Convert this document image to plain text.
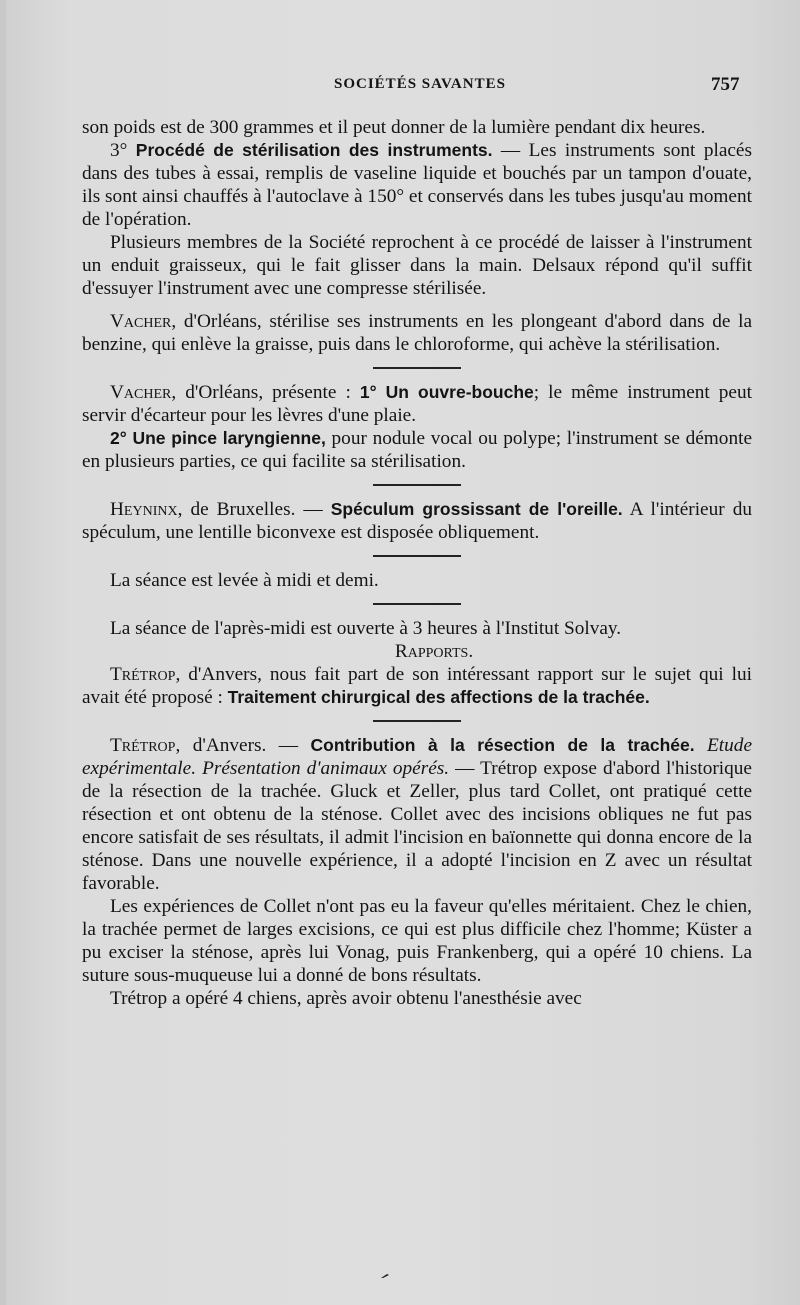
SOCIÉTÉS SAVANTES	757

son poids est de 300 grammes et il peut donner de la lumière pendant dix heures.

3° Procédé de stérilisation des instruments. — Les instruments sont placés dans des tubes à essai, remplis de vaseline liquide et bouchés par un tampon d'ouate, ils sont ainsi chauffés à l'autoclave à 150° et conservés dans les tubes jusqu'au moment de l'opération.

Plusieurs membres de la Société reprochent à ce procédé de laisser à l'instrument un enduit graisseux, qui le fait glisser dans la main. Delsaux répond qu'il suffit d'essuyer l'instrument avec une compresse stérilisée.

Vacher, d'Orléans, stérilise ses instruments en les plongeant d'abord dans de la benzine, qui enlève la graisse, puis dans le chloroforme, qui achève la stérilisation.

Vacher, d'Orléans, présente : 1° Un ouvre-bouche; le même instrument peut servir d'écarteur pour les lèvres d'une plaie.

2° Une pince laryngienne, pour nodule vocal ou polype; l'instrument se démonte en plusieurs parties, ce qui facilite sa stérilisation.

Heyninx, de Bruxelles. — Spéculum grossissant de l'oreille. A l'intérieur du spéculum, une lentille biconvexe est disposée obliquement.

La séance est levée à midi et demi.

La séance de l'après-midi est ouverte à 3 heures à l'Institut Solvay.

Rapports.

Trétrop, d'Anvers, nous fait part de son intéressant rapport sur le sujet qui lui avait été proposé : Traitement chirurgical des affections de la trachée.

Trétrop, d'Anvers. — Contribution à la résection de la trachée. Etude expérimentale. Présentation d'animaux opérés. — Trétrop expose d'abord l'historique de la résection de la trachée. Gluck et Zeller, plus tard Collet, ont pratiqué cette résection et ont obtenu de la sténose. Collet avec des incisions obliques ne fut pas encore satisfait de ses résultats, il admit l'incision en baïonnette qui donna encore de la sténose. Dans une nouvelle expérience, il a adopté l'incision en Z avec un résultat favorable.

Les expériences de Collet n'ont pas eu la faveur qu'elles méritaient. Chez le chien, la trachée permet de larges excisions, ce qui est plus difficile chez l'homme; Küster a pu exciser la sténose, après lui Vonag, puis Frankenberg, qui a opéré 10 chiens. La suture sous-muqueuse lui a donné de bons résultats.

Trétrop a opéré 4 chiens, après avoir obtenu l'anesthésie avec
